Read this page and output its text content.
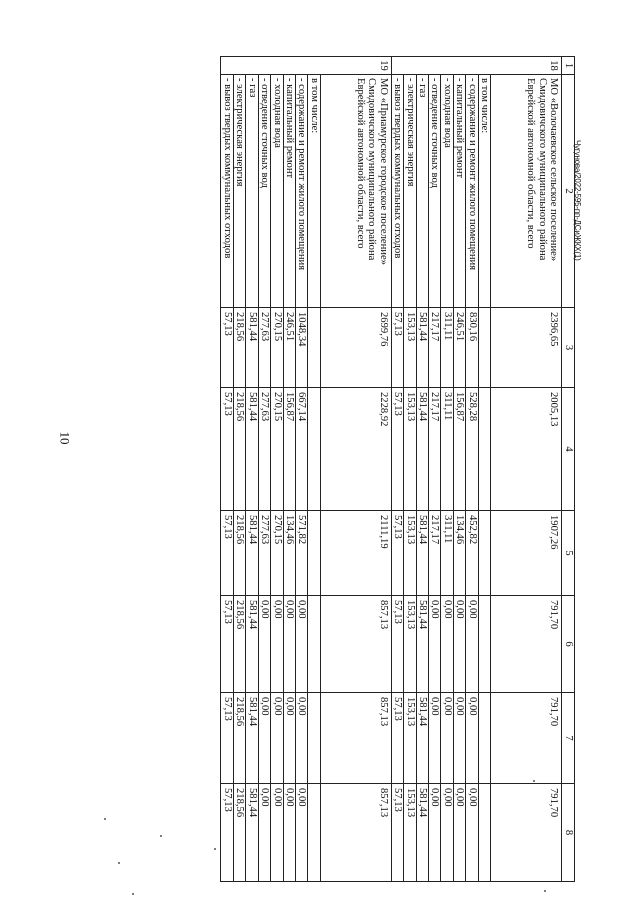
10
Чугунова/2022-595-пп-ДСиЖКХ(1)
1	2	3	4	5	6	7	8
18	МО «Волочаевское сельское поселение» Смидовичского муниципального района Еврейской автономной области, всего	2396,65	2005,13	1907,26	791,70	791,70	791,70
	в том числе:						
	- содержание и ремонт жилого помещения	830,16	528,28	452,82	0,00	0,00	0,00
	- капитальный ремонт	246,51	156,87	134,46	0,00	0,00	0,00
	- холодная вода	311,11	311,11	311,11	0,00	0,00	0,00
	- отведение сточных вод	217,17	217,17	217,17	0,00	0,00	0,00
	- газ	581,44	581,44	581,44	581,44	581,44	581,44
	- электрическая энергия	153,13	153,13	153,13	153,13	153,13	153,13
	- вывоз твердых коммунальных отходов	57,13	57,13	57,13	57,13	57,13	57,13
19	МО «Приамурское городское поселение» Смидовичского муниципального района Еврейской автономной области, всего	2699,76	2228,92	2111,19	857,13	857,13	857,13
	в том числе:						
	- содержание и ремонт жилого помещения	1048,34	667,14	571,82	0,00	0,00	0,00
	- капитальный ремонт	246,51	156,87	134,46	0,00	0,00	0,00
	- холодная вода	270,15	270,15	270,15	0,00	0,00	0,00
	- отведение сточных вод	277,63	277,63	277,63	0,00	0,00	0,00
	- газ	581,44	581,44	581,44	581,44	581,44	581,44
	- электрическая энергия	218,56	218,56	218,56	218,56	218,56	218,56
	- вывоз твердых коммунальных отходов	57,13	57,13	57,13	57,13	57,13	57,13
